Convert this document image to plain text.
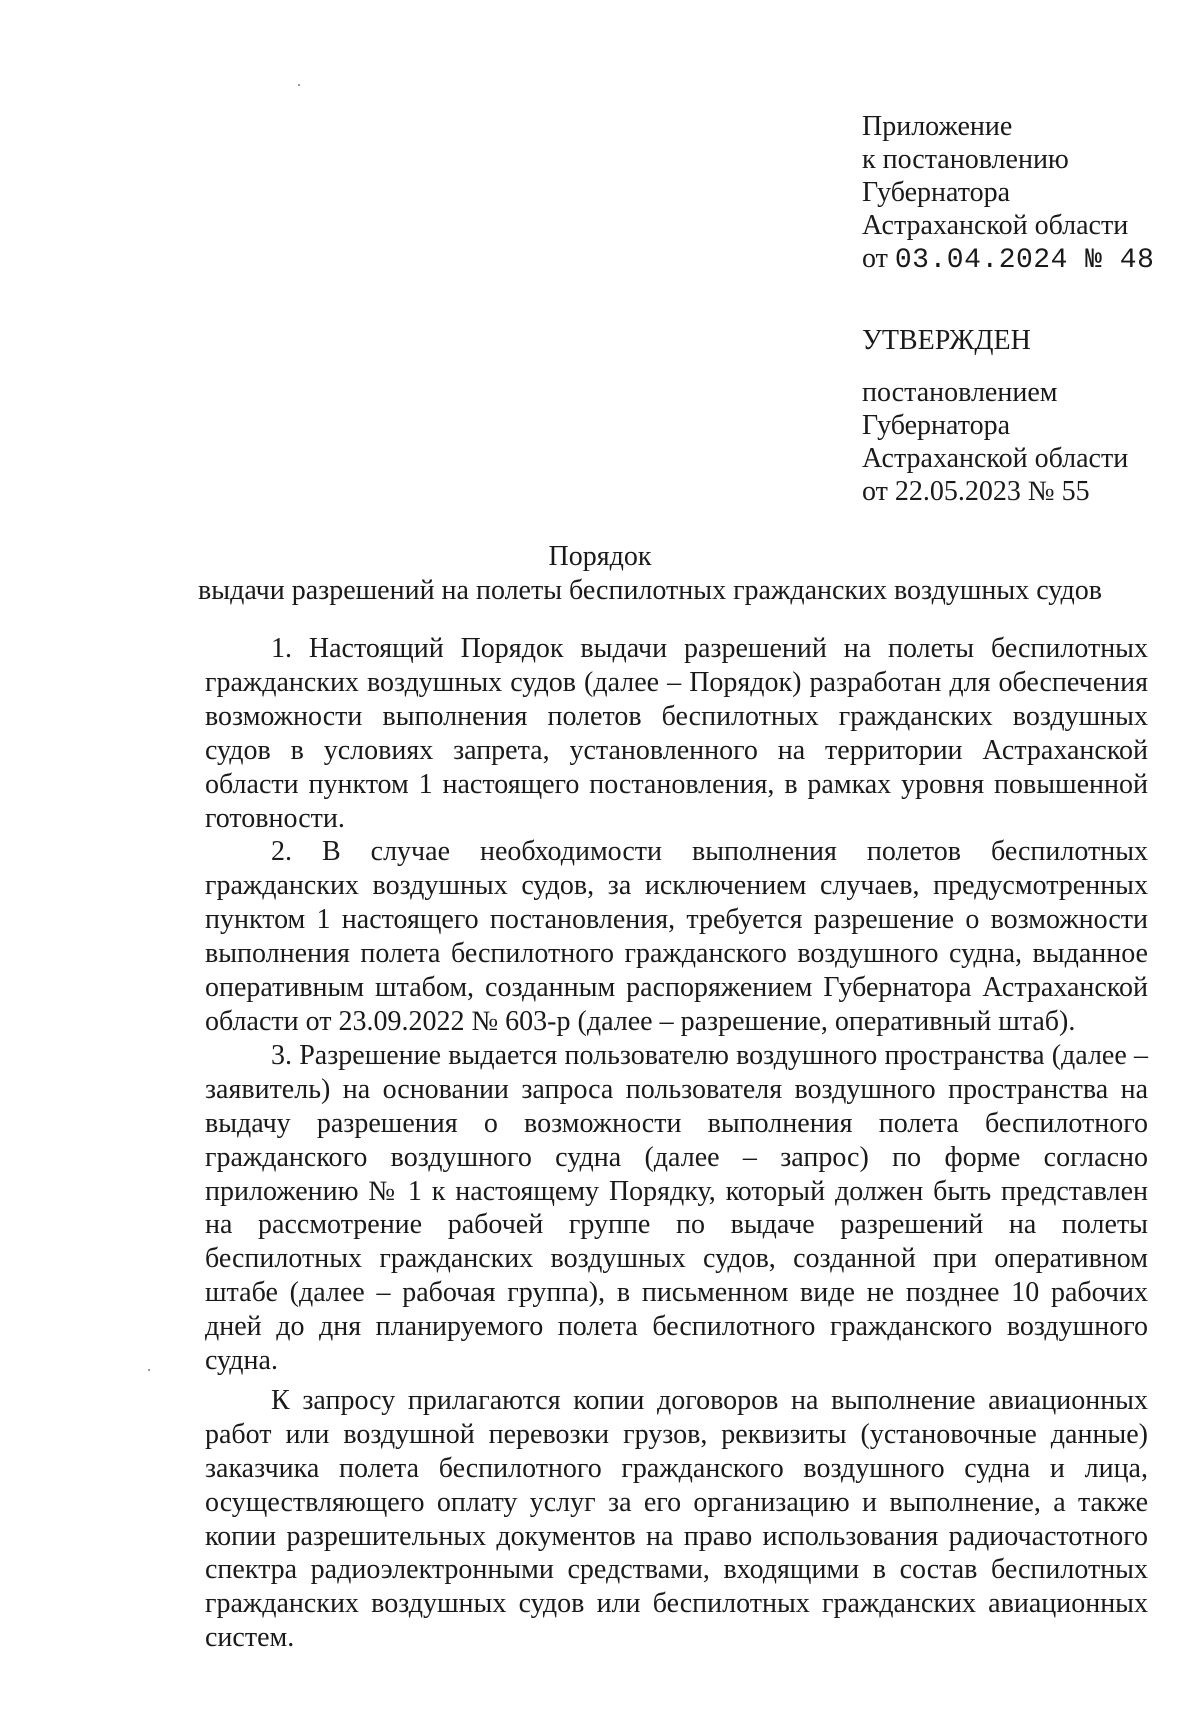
Приложение
к постановлению
Губернатора
Астраханской области
от 03.04.2024 № 48
УТВЕРЖДЕН
постановлением
Губернатора
Астраханской области
от 22.05.2023 № 55
Порядок
выдачи разрешений на полеты беспилотных гражданских воздушных судов

1. Настоящий Порядок выдачи разрешений на полеты беспилотных гражданских воздушных судов (далее – Порядок) разработан для обеспечения возможности выполнения полетов беспилотных гражданских воздушных судов в условиях запрета, установленного на территории Астраханской области пунктом 1 настоящего постановления, в рамках уровня повышенной готовности.

2. В случае необходимости выполнения полетов беспилотных гражданских воздушных судов, за исключением случаев, предусмотренных пунктом 1 настоящего постановления, требуется разрешение о возможности выполнения полета беспилотного гражданского воздушного судна, выданное оперативным штабом, созданным распоряжением Губернатора Астраханской области от 23.09.2022 № 603-р (далее – разрешение, оперативный штаб).

3. Разрешение выдается пользователю воздушного пространства (далее – заявитель) на основании запроса пользователя воздушного пространства на выдачу разрешения о возможности выполнения полета беспилотного гражданского воздушного судна (далее – запрос) по форме согласно приложению № 1 к настоящему Порядку, который должен быть представлен на рассмотрение рабочей группе по выдаче разрешений на полеты беспилотных гражданских воздушных судов, созданной при оперативном штабе (далее – рабочая группа), в письменном виде не позднее 10 рабочих дней до дня планируемого полета беспилотного гражданского воздушного судна.

К запросу прилагаются копии договоров на выполнение авиационных работ или воздушной перевозки грузов, реквизиты (установочные данные) заказчика полета беспилотного гражданского воздушного судна и лица, осуществляющего оплату услуг за его организацию и выполнение, а также копии разрешительных документов на право использования радиочастотного спектра радиоэлектронными средствами, входящими в состав беспилотных гражданских воздушных судов или беспилотных гражданских авиационных систем.
